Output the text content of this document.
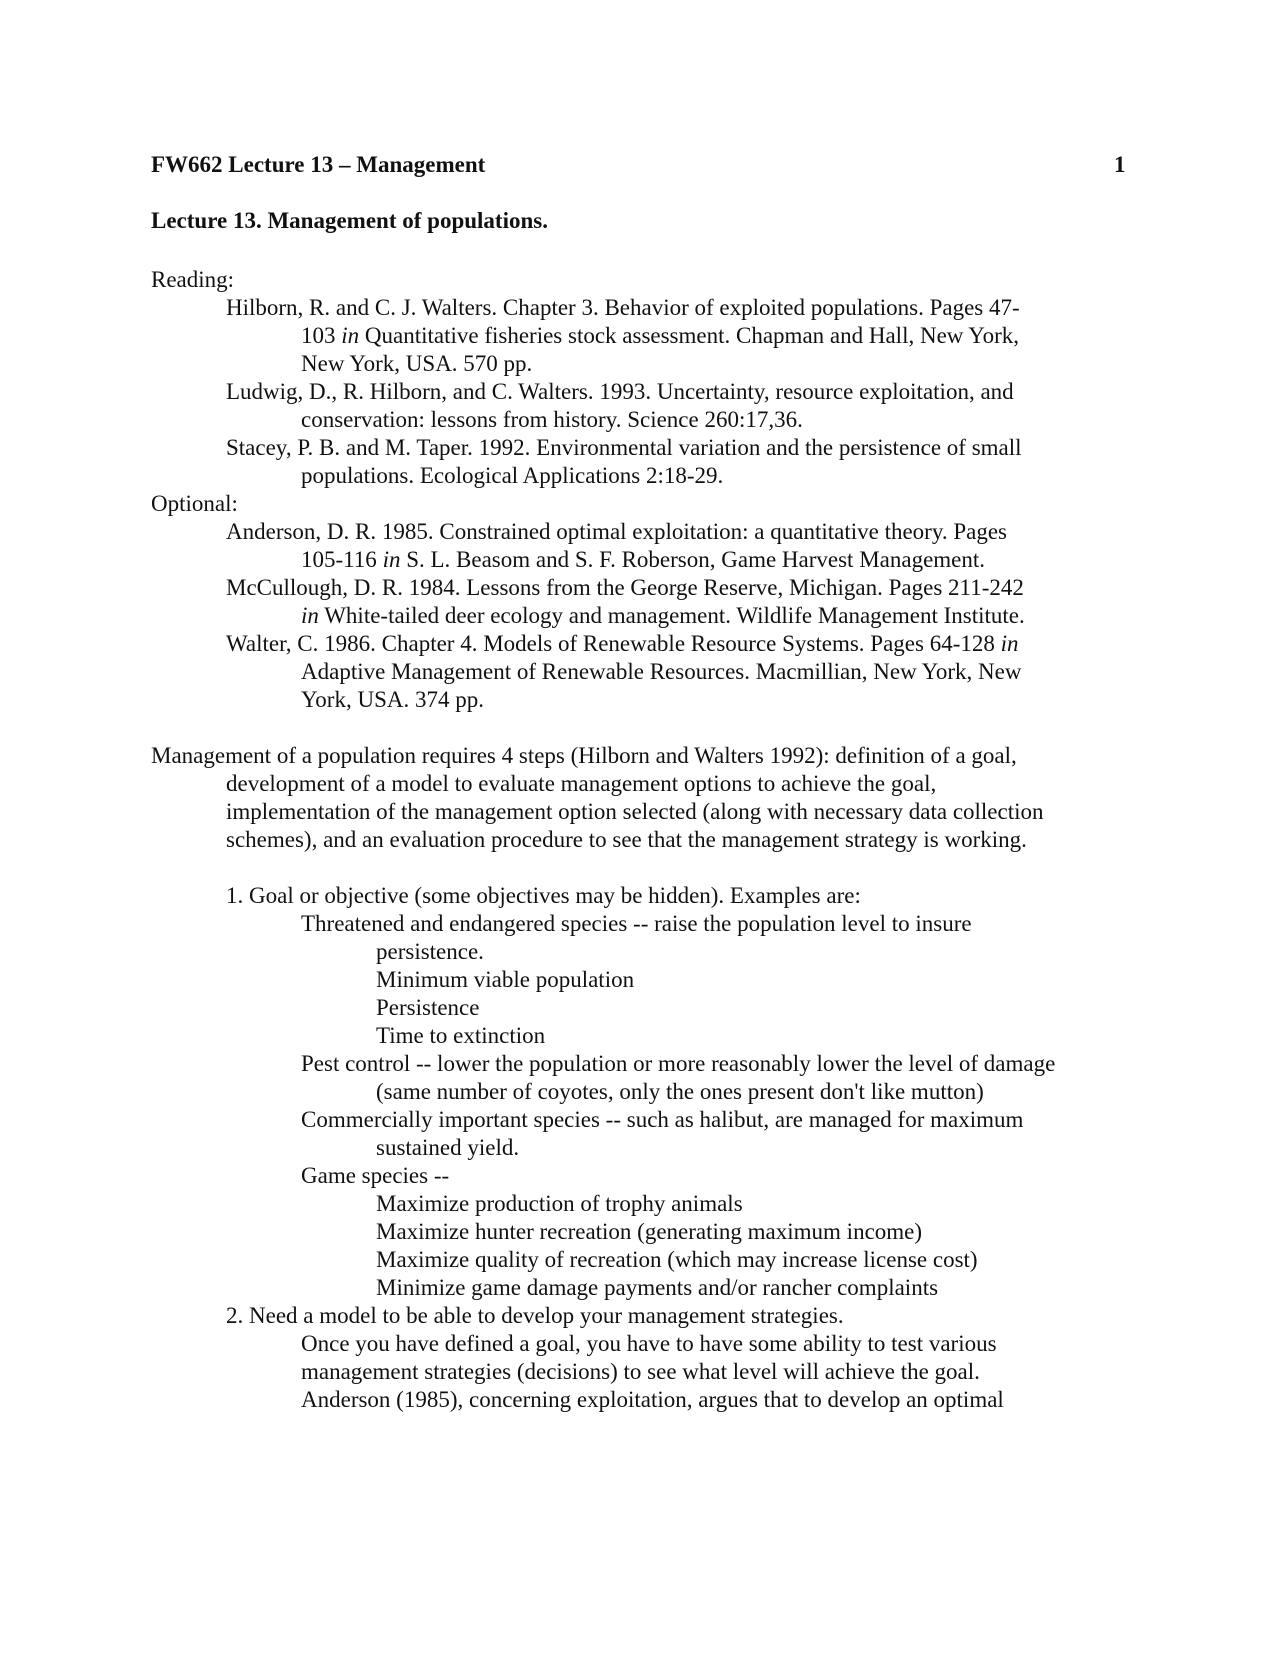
FW662 Lecture 13 – Management	1
Lecture 13. Management of populations.
Reading:
Hilborn, R. and C. J. Walters. Chapter 3. Behavior of exploited populations. Pages 47-
103 in Quantitative fisheries stock assessment. Chapman and Hall, New York,
New York, USA. 570 pp.
Ludwig, D., R. Hilborn, and C. Walters. 1993. Uncertainty, resource exploitation, and
conservation: lessons from history. Science 260:17,36.
Stacey, P. B. and M. Taper. 1992. Environmental variation and the persistence of small
populations. Ecological Applications 2:18-29.
Optional:
Anderson, D. R. 1985. Constrained optimal exploitation: a quantitative theory. Pages
105-116 in S. L. Beasom and S. F. Roberson, Game Harvest Management.
McCullough, D. R. 1984. Lessons from the George Reserve, Michigan. Pages 211-242
in White-tailed deer ecology and management. Wildlife Management Institute.
Walter, C. 1986. Chapter 4. Models of Renewable Resource Systems. Pages 64-128 in
Adaptive Management of Renewable Resources. Macmillian, New York, New
York, USA. 374 pp.
Management of a population requires 4 steps (Hilborn and Walters 1992): definition of a goal,
development of a model to evaluate management options to achieve the goal,
implementation of the management option selected (along with necessary data collection
schemes), and an evaluation procedure to see that the management strategy is working.
1. Goal or objective (some objectives may be hidden). Examples are:
Threatened and endangered species -- raise the population level to insure
persistence.
Minimum viable population
Persistence
Time to extinction
Pest control -- lower the population or more reasonably lower the level of damage
(same number of coyotes, only the ones present don't like mutton)
Commercially important species -- such as halibut, are managed for maximum
sustained yield.
Game species --
Maximize production of trophy animals
Maximize hunter recreation (generating maximum income)
Maximize quality of recreation (which may increase license cost)
Minimize game damage payments and/or rancher complaints
2. Need a model to be able to develop your management strategies.
Once you have defined a goal, you have to have some ability to test various
management strategies (decisions) to see what level will achieve the goal.
Anderson (1985), concerning exploitation, argues that to develop an optimal
